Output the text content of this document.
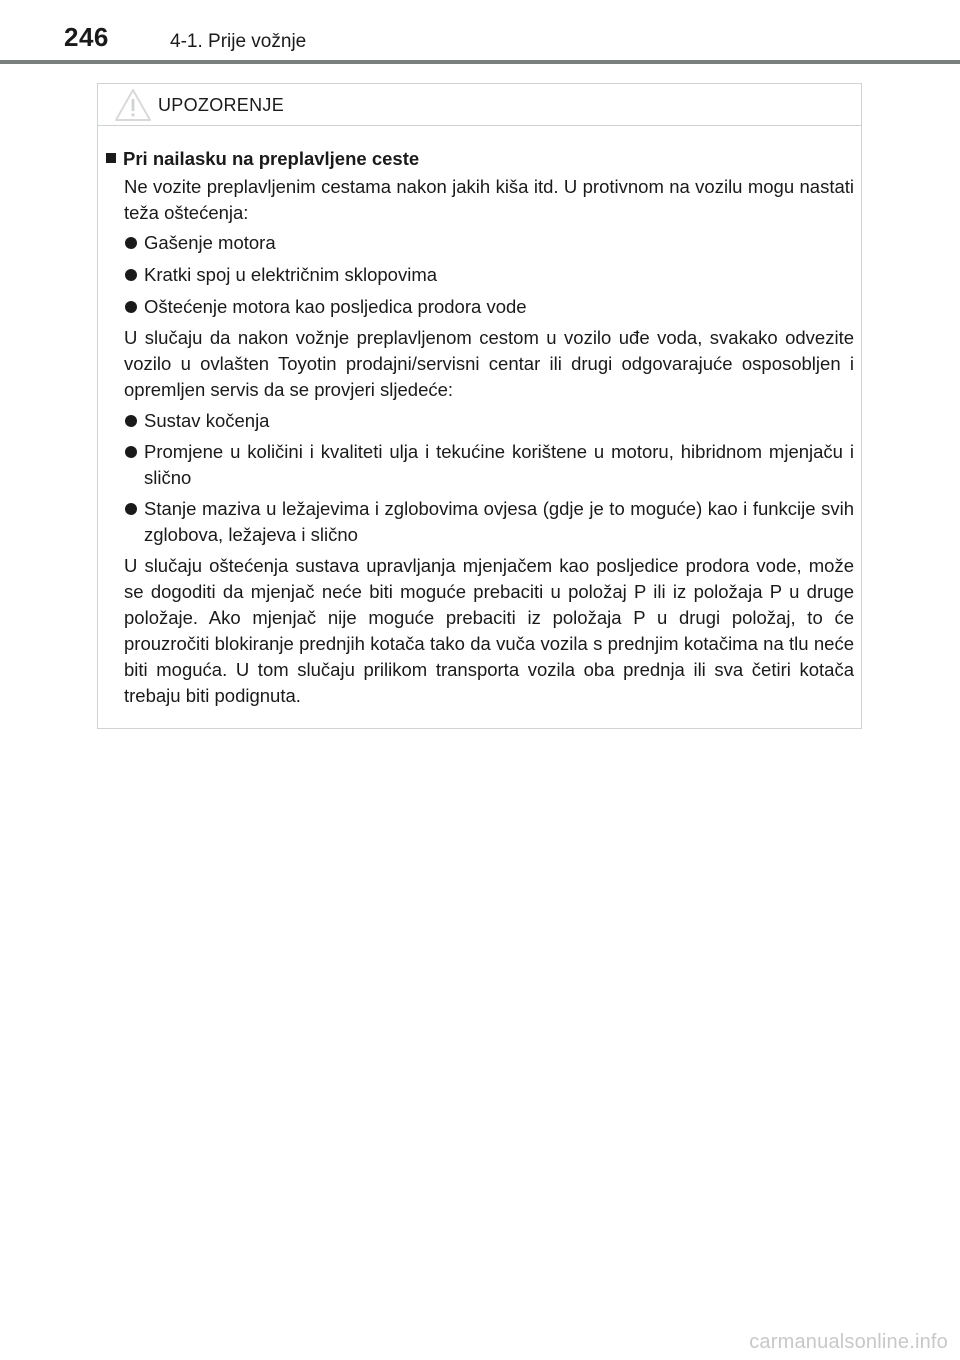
246	4-1. Prije vožnje
UPOZORENJE
Pri nailasku na preplavljene ceste
Ne vozite preplavljenim cestama nakon jakih kiša itd. U protivnom na vozilu mogu nastati teža oštećenja:
Gašenje motora
Kratki spoj u električnim sklopovima
Oštećenje motora kao posljedica prodora vode
U slučaju da nakon vožnje preplavljenom cestom u vozilo uđe voda, svakako odvezite vozilo u ovlašten Toyotin prodajni/servisni centar ili drugi odgovarajuće osposobljen i opremljen servis da se provjeri sljedeće:
Sustav kočenja
Promjene u količini i kvaliteti ulja i tekućine korištene u motoru, hibridnom mjenjaču i slično
Stanje maziva u ležajevima i zglobovima ovjesa (gdje je to moguće) kao i funkcije svih zglobova, ležajeva i slično
U slučaju oštećenja sustava upravljanja mjenjačem kao posljedice prodora vode, može se dogoditi da mjenjač neće biti moguće prebaciti u položaj P ili iz položaja P u druge položaje. Ako mjenjač nije moguće prebaciti iz položaja P u drugi položaj, to će prouzročiti blokiranje prednjih kotača tako da vuča vozila s prednjim kotačima na tlu neće biti moguća. U tom slučaju prilikom transporta vozila oba prednja ili sva četiri kotača trebaju biti podignuta.
carmanualsonline.info
